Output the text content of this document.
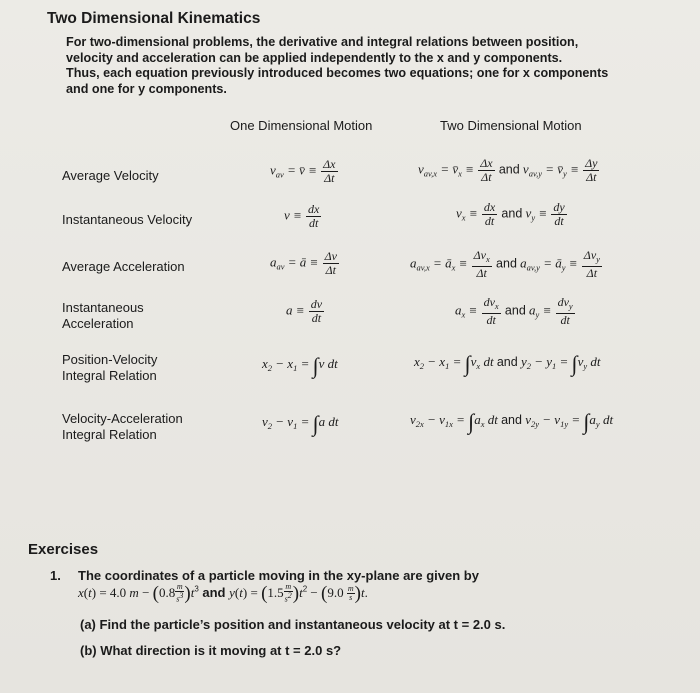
Two Dimensional Kinematics
For two-dimensional problems, the derivative and integral relations between position,
velocity and acceleration can be applied independently to the x and y components.
Thus, each equation previously introduced becomes two equations; one for x components
and one for y components.
One Dimensional Motion	Two Dimensional Motion
Average Velocity
Instantaneous Velocity
Average Acceleration
Instantaneous
Acceleration
Position-Velocity
Integral Relation
Velocity-Acceleration
Integral Relation
$v_{av}$ = v̄ ≡ $\frac{\Delta x}{\Delta t}$
$v \equiv \frac{dx}{dt}$
$a_{av}$ = ā ≡ $\frac{\Delta v}{\Delta t}$
$a \equiv \frac{dv}{dt}$
$x_2 - x_1 = \int v$ dt
$v_2 - v_1 = \int a$ dt
$v_{av,x}$ = $v̄_x \equiv \frac{\Delta x}{\Delta t}$ and $v_{av,y}$ = $v̄_y \equiv \frac{\Delta y}{\Delta t}$
$v_x \equiv \frac{dx}{dt}$ and $v_y \equiv \frac{dy}{dt}$
$a_{av,x}$ = $ā_x \equiv \frac{\Delta v_x}{\Delta t}$ and $a_{av,y}$ = $ā_y \equiv \frac{\Delta v_y}{\Delta t}$
$a_x \equiv \frac{dv_x}{dt}$ and $a_y \equiv \frac{dv_y}{dt}$
$x_2 - x_1 = \int v_x$ dt and $y_2 - y_1 = \int v_y$ dt
$v_{2x} - v_{1x} = \int a_x$ dt and $v_{2y} - v_{1y} = \int a_y$ dt
Exercises
1. The coordinates of a particle moving in the xy-plane are given by
x(t) = 4.0 $m - (0.8 \frac{m}{s^3} )t^3$ and $y(t) = (1.5 \frac{m}{s^2} )t^2 - (9.0 \frac{m}{s} )t$.
(a) Find the particle’s position and instantaneous velocity at t = 2.0 s.
(b) What direction is it moving at t = 2.0 s?
